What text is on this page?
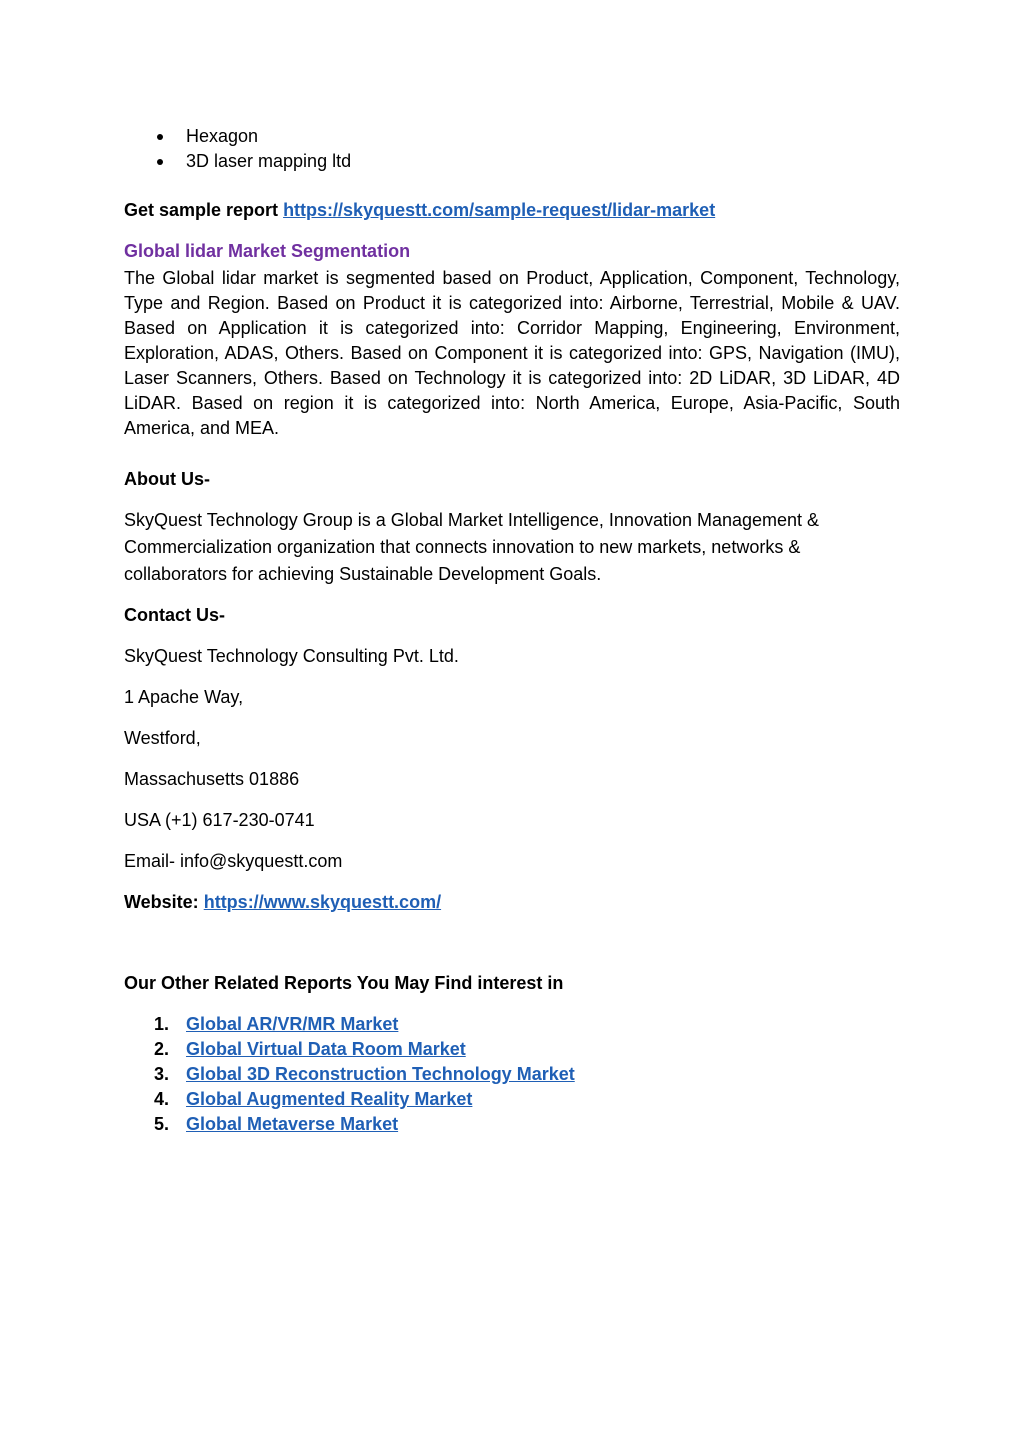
Hexagon
3D laser mapping ltd
Get sample report https://skyquestt.com/sample-request/lidar-market
Global lidar Market Segmentation
The Global lidar market is segmented based on Product, Application, Component, Technology, Type and Region. Based on Product it is categorized into: Airborne, Terrestrial, Mobile & UAV. Based on Application it is categorized into: Corridor Mapping, Engineering, Environment, Exploration, ADAS, Others. Based on Component it is categorized into: GPS, Navigation (IMU), Laser Scanners, Others. Based on Technology it is categorized into: 2D LiDAR, 3D LiDAR, 4D LiDAR. Based on region it is categorized into: North America, Europe, Asia-Pacific, South America, and MEA.
About Us-
SkyQuest Technology Group is a Global Market Intelligence, Innovation Management & Commercialization organization that connects innovation to new markets, networks & collaborators for achieving Sustainable Development Goals.
Contact Us-
SkyQuest Technology Consulting Pvt. Ltd.
1 Apache Way,
Westford,
Massachusetts 01886
USA (+1) 617-230-0741
Email- info@skyquestt.com
Website: https://www.skyquestt.com/
Our Other Related Reports You May Find interest in
1. Global AR/VR/MR Market
2. Global Virtual Data Room Market
3. Global 3D Reconstruction Technology Market
4. Global Augmented Reality Market
5. Global Metaverse Market
